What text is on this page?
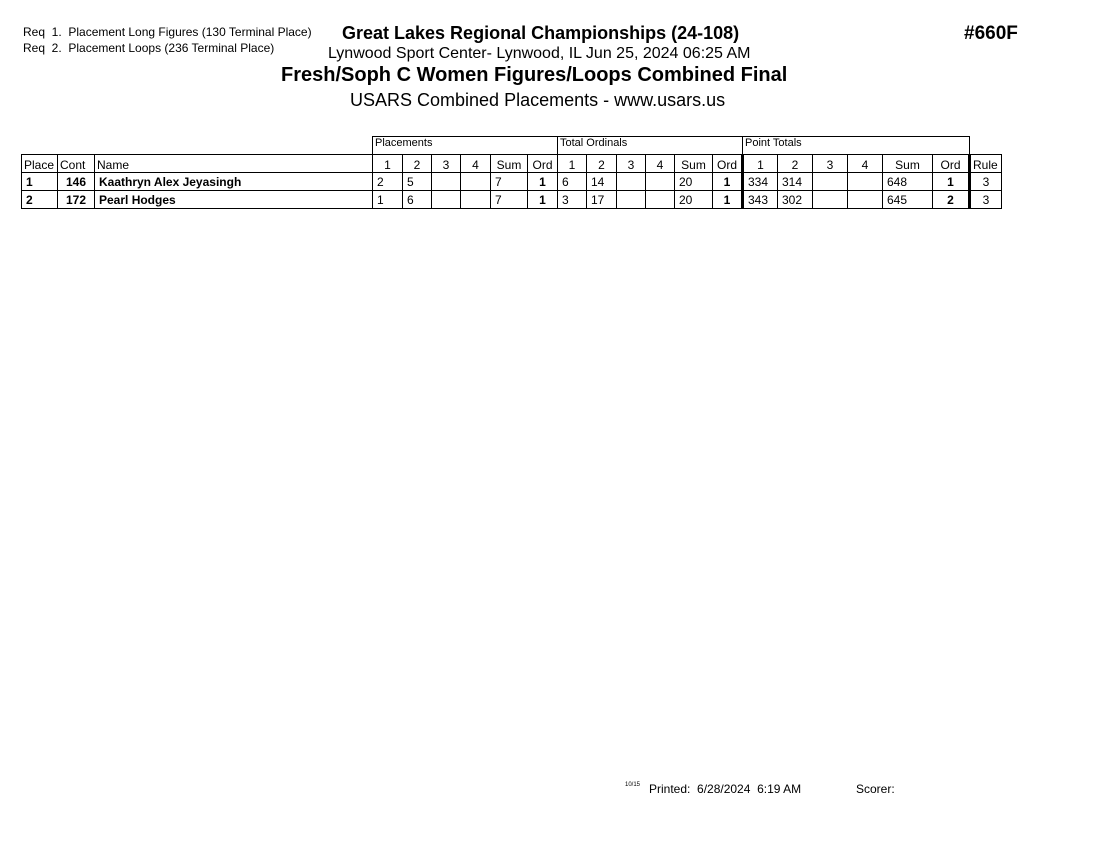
Req  1.  Placement Long Figures (130 Terminal Place)
Req  2.  Placement Loops (236 Terminal Place)
Great Lakes Regional Championships (24-108)
Lynwood Sport Center- Lynwood, IL Jun 25, 2024 06:25 AM
Fresh/Soph C Women Figures/Loops Combined Final
USARS Combined Placements - www.usars.us
#660F
			Placements						Total Ordinals						Point Totals						
Place	Cont	Name	1	2	3	4	Sum	Ord	1	2	3	4	Sum	Ord	1	2	3	4	Sum	Ord	Rule
1	146	Kaathryn Alex Jeyasingh	2	5			7	1	6	14			20	1	334	314			648	1	3
2	172	Pearl Hodges	1	6			7	1	3	17			20	1	343	302			645	2	3
10/15 Printed:  6/28/2024  6:19 AM	Scorer:
